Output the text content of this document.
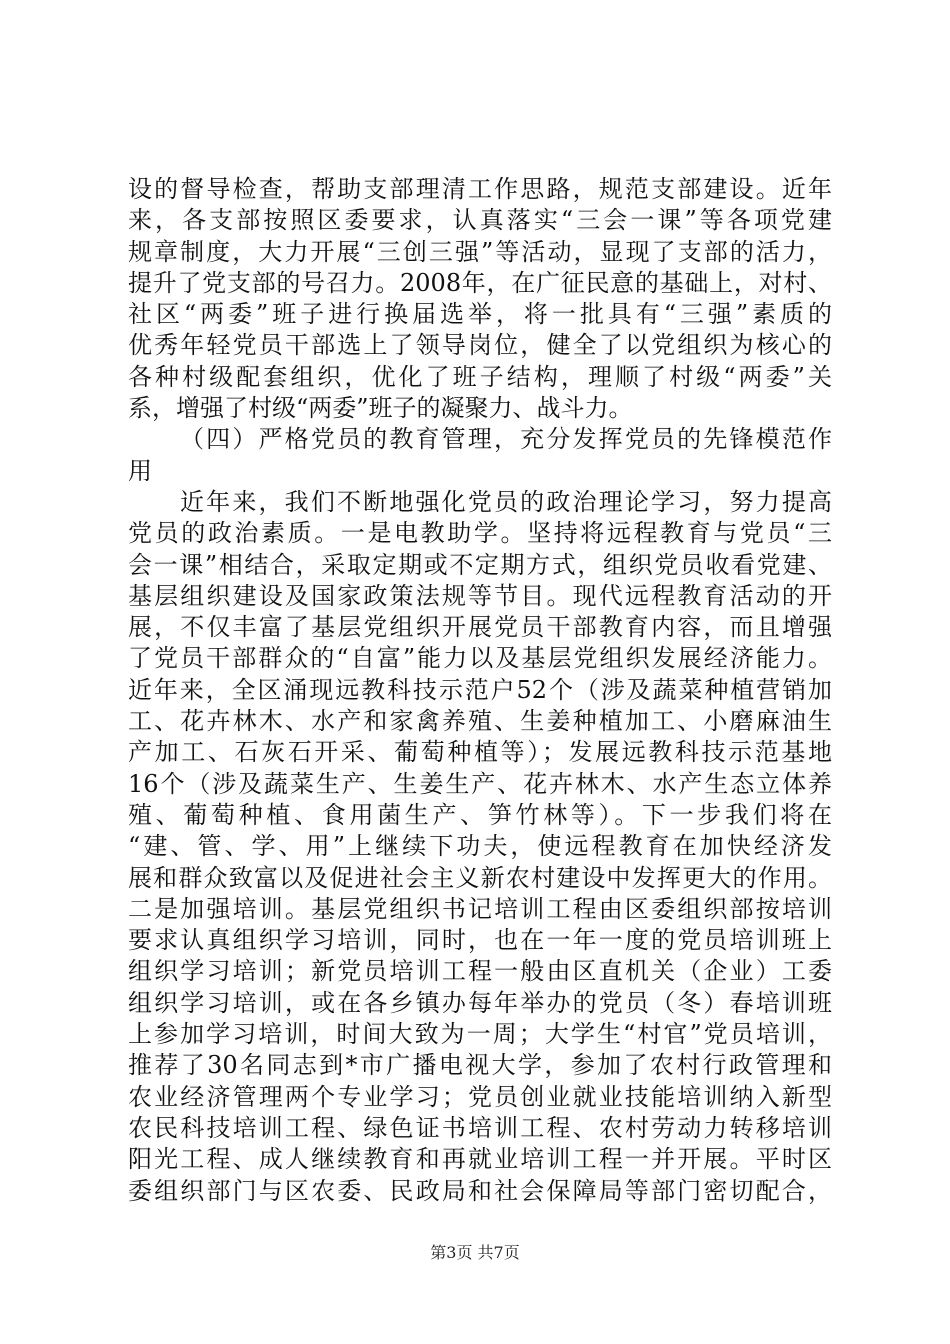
设的督导检查，帮助支部理清工作思路，规范支部建设。近年
来，各支部按照区委要求，认真落实“三会一课”等各项党建
规章制度，大力开展“三创三强”等活动，显现了支部的活力，
提升了党支部的号召力。2008年，在广征民意的基础上，对村、
社区“两委”班子进行换届选举，将一批具有“三强”素质的
优秀年轻党员干部选上了领导岗位，健全了以党组织为核心的
各种村级配套组织，优化了班子结构，理顺了村级“两委”关
系，增强了村级“两委”班子的凝聚力、战斗力。
（四）严格党员的教育管理，充分发挥党员的先锋模范作
用
近年来，我们不断地强化党员的政治理论学习，努力提高
党员的政治素质。一是电教助学。坚持将远程教育与党员“三
会一课”相结合，采取定期或不定期方式，组织党员收看党建、
基层组织建设及国家政策法规等节目。现代远程教育活动的开
展，不仅丰富了基层党组织开展党员干部教育内容，而且增强
了党员干部群众的“自富”能力以及基层党组织发展经济能力。
近年来，全区涌现远教科技示范户52个（涉及蔬菜种植营销加
工、花卉林木、水产和家禽养殖、生姜种植加工、小磨麻油生
产加工、石灰石开采、葡萄种植等）；发展远教科技示范基地
16个（涉及蔬菜生产、生姜生产、花卉林木、水产生态立体养
殖、葡萄种植、食用菌生产、笋竹林等）。下一步我们将在
“建、管、学、用”上继续下功夫，使远程教育在加快经济发
展和群众致富以及促进社会主义新农村建设中发挥更大的作用。
二是加强培训。基层党组织书记培训工程由区委组织部按培训
要求认真组织学习培训，同时，也在一年一度的党员培训班上
组织学习培训；新党员培训工程一般由区直机关（企业）工委
组织学习培训，或在各乡镇办每年举办的党员（冬）春培训班
上参加学习培训，时间大致为一周；大学生“村官”党员培训，
推荐了30名同志到*市广播电视大学，参加了农村行政管理和
农业经济管理两个专业学习；党员创业就业技能培训纳入新型
农民科技培训工程、绿色证书培训工程、农村劳动力转移培训
阳光工程、成人继续教育和再就业培训工程一并开展。平时区
委组织部门与区农委、民政局和社会保障局等部门密切配合，
第3页 共7页
